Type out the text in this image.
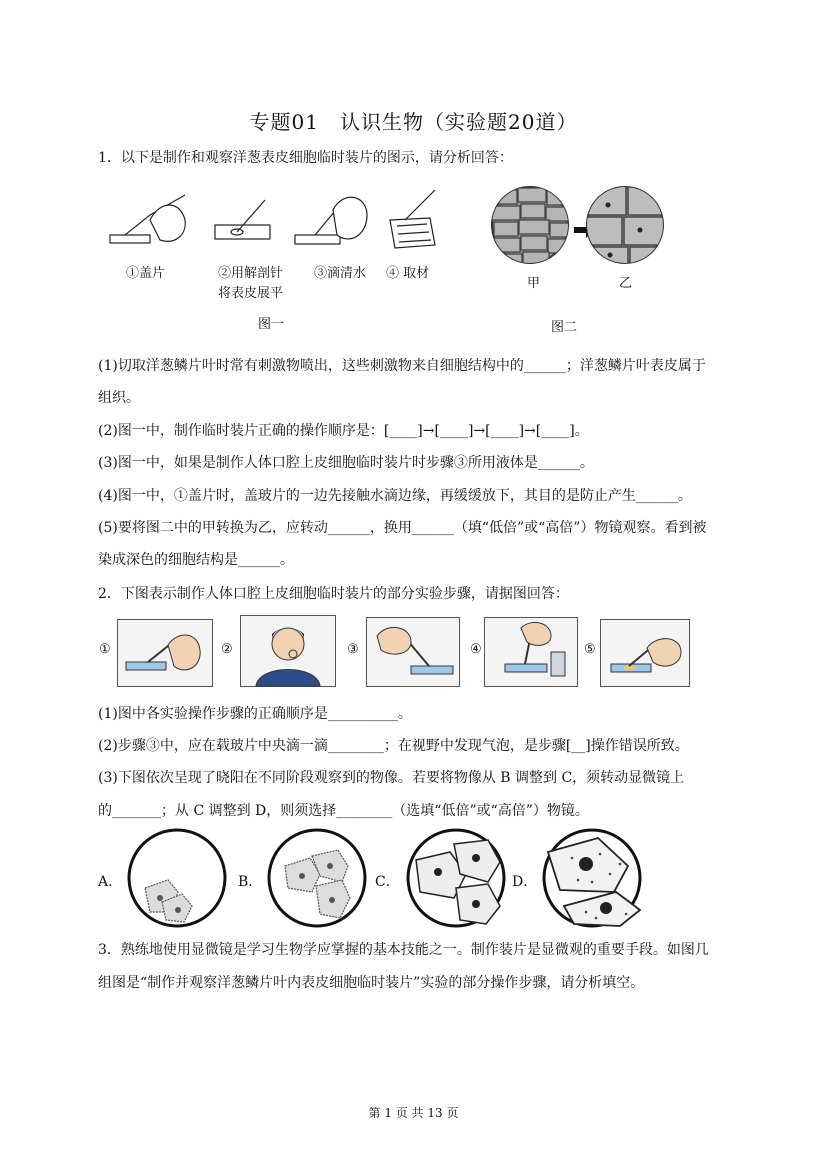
专题01　认识生物（实验题20道）
1．以下是制作和观察洋葱表皮细胞临时装片的图示，请分析回答：
①盖片	②用解剖针
将表皮展平
③滴清水 ④ 取材
图一
甲	乙
图二
(1)切取洋葱鳞片叶时常有刺激物喷出，这些刺激物来自细胞结构中的______；洋葱鳞片叶表皮属于
组织。
(2)图一中，制作临时装片正确的操作顺序是：[____]→[____]→[____]→[____]。
(3)图一中，如果是制作人体口腔上皮细胞临时装片时步骤③所用液体是______。
(4)图一中，①盖片时，盖玻片的一边先接触水滴边缘，再缓缓放下，其目的是防止产生______。
(5)要将图二中的甲转换为乙，应转动______，换用______（填“低倍”或“高倍”）物镜观察。看到被
染成深色的细胞结构是______。
2．下图表示制作人体口腔上皮细胞临时装片的部分实验步骤，请据图回答：
①	②	③	④	⑤
(1)图中各实验操作步骤的正确顺序是__________。
(2)步骤③中，应在载玻片中央滴一滴________；在视野中发现气泡，是步骤[__]操作错误所致。
(3)下图依次呈现了晓阳在不同阶段观察到的物像。若要将物像从 B 调整到 C，须转动显微镜上
的_______；从 C 调整到 D，则须选择________（选填“低倍”或“高倍”）物镜。
A．	B．	C．	D．
3．熟练地使用显微镜是学习生物学应掌握的基本技能之一。制作装片是显微观的重要手段。如图几
组图是“制作并观察洋葱鳞片叶内表皮细胞临时装片”实验的部分操作步骤，请分析填空。
第 1 页 共 13 页
